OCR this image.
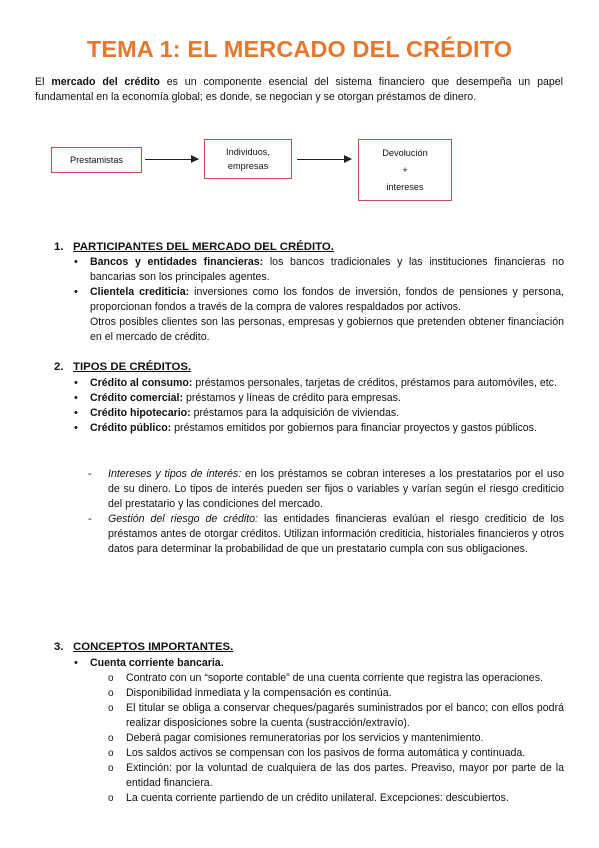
TEMA 1: EL MERCADO DEL CRÉDITO

El mercado del crédito es un componente esencial del sistema financiero que desempeña un papel fundamental en la economía global; es donde, se negocian y se otorgan préstamos de dinero.

Prestamistas
Individuos,
empresas
Devolución
+
intereses
1. PARTICIPANTES DEL MERCADO DEL CRÉDITO.
• Bancos y entidades financieras: los bancos tradicionales y las instituciones financieras no bancarias son los principales agentes.
• Clientela crediticia: inversiones como los fondos de inversión, fondos de pensiones y persona, proporcionan fondos a través de la compra de valores respaldados por activos.
Otros posibles clientes son las personas, empresas y gobiernos que pretenden obtener financiación en el mercado de crédito.
2. TIPOS DE CRÉDITOS.
• Crédito al consumo: préstamos personales, tarjetas de créditos, préstamos para automóviles, etc.
• Crédito comercial: préstamos y líneas de crédito para empresas.
• Crédito hipotecario: préstamos para la adquisición de viviendas.
• Crédito público: préstamos emitidos por gobiernos para financiar proyectos y gastos públicos.
- Intereses y tipos de interés: en los préstamos se cobran intereses a los prestatarios por el uso de su dinero. Lo tipos de interés pueden ser fijos o variables y varían según el riesgo crediticio del prestatario y las condiciones del mercado.
- Gestión del riesgo de crédito: las entidades financieras evalúan el riesgo crediticio de los préstamos antes de otorgar créditos. Utilizan información crediticia, historiales financieros y otros datos para determinar la probabilidad de que un prestatario cumpla con sus obligaciones.
3. CONCEPTOS IMPORTANTES.
• Cuenta corriente bancaria.
o Contrato con un “soporte contable” de una cuenta corriente que registra las operaciones.
o Disponibilidad inmediata y la compensación es continúa.
o El titular se obliga a conservar cheques/pagarés suministrados por el banco; con ellos podrá realizar disposiciones sobre la cuenta (sustracción/extravío).
o Deberá pagar comisiones remuneratorias por los servicios y mantenimiento.
o Los saldos activos se compensan con los pasivos de forma automática y continuada.
o Extinción: por la voluntad de cualquiera de las dos partes. Preaviso, mayor por parte de la entidad financiera.
o La cuenta corriente partiendo de un crédito unilateral. Excepciones: descubiertos.
